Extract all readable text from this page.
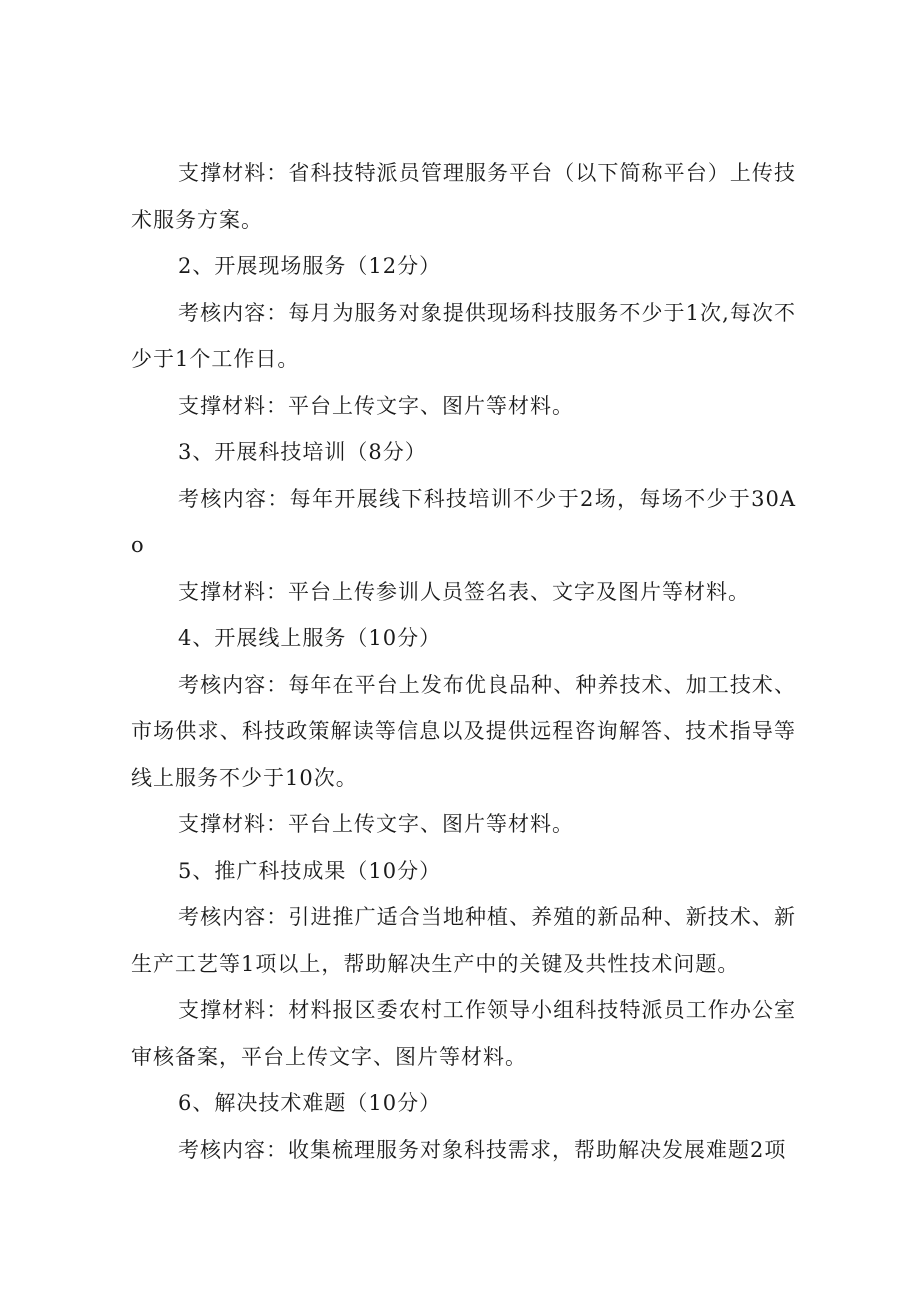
支撑材料：省科技特派员管理服务平台（以下简称平台）上传技术服务方案。

2、开展现场服务（12分）

考核内容：每月为服务对象提供现场科技服务不少于1次,每次不少于1个工作日。

支撑材料：平台上传文字、图片等材料。

3、开展科技培训（8分）

考核内容：每年开展线下科技培训不少于2场，每场不少于30Ao

支撑材料：平台上传参训人员签名表、文字及图片等材料。

4、开展线上服务（10分）

考核内容：每年在平台上发布优良品种、种养技术、加工技术、市场供求、科技政策解读等信息以及提供远程咨询解答、技术指导等线上服务不少于10次。

支撑材料：平台上传文字、图片等材料。

5、推广科技成果（10分）

考核内容：引进推广适合当地种植、养殖的新品种、新技术、新生产工艺等1项以上，帮助解决生产中的关键及共性技术问题。

支撑材料：材料报区委农村工作领导小组科技特派员工作办公室审核备案，平台上传文字、图片等材料。

6、解决技术难题（10分）

考核内容：收集梳理服务对象科技需求，帮助解决发展难题2项
